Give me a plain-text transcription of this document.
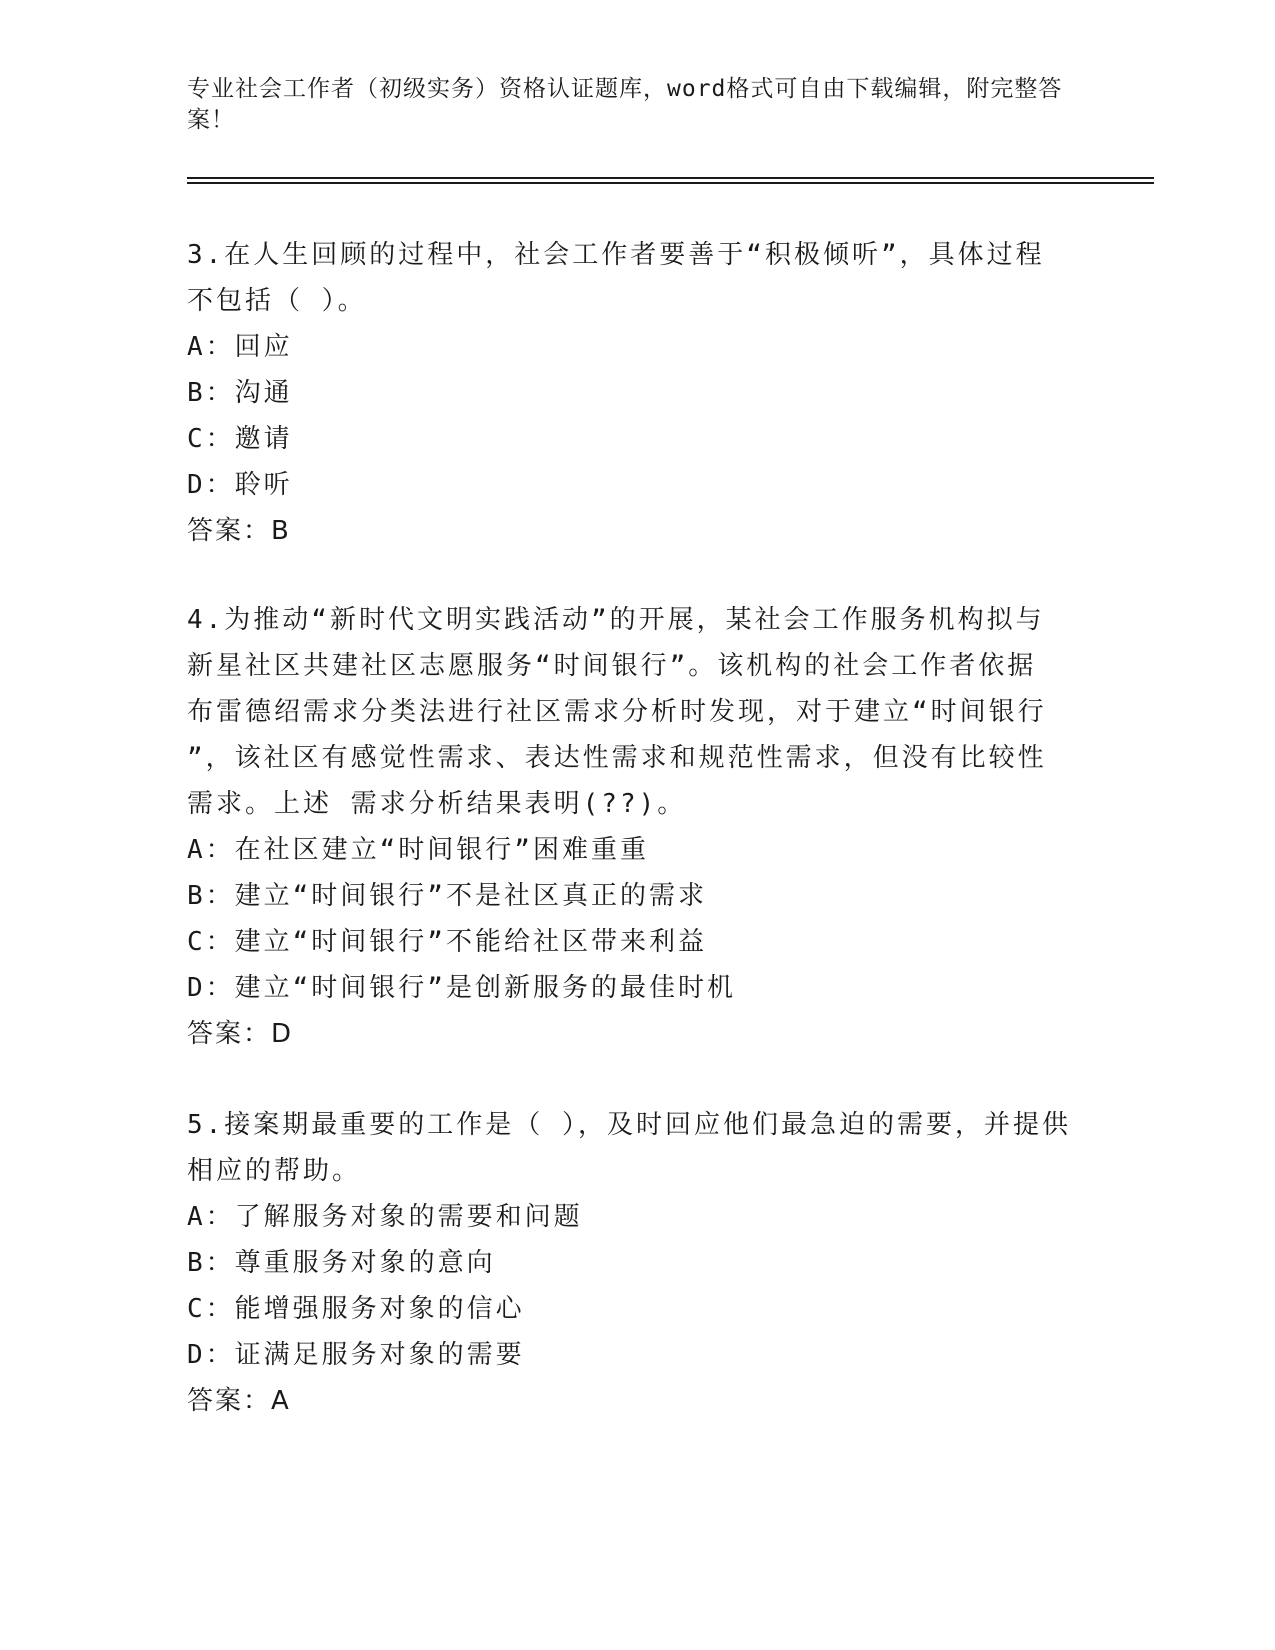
专业社会工作者（初级实务）资格认证题库，word格式可自由下载编辑，附完整答案！
3.在人生回顾的过程中，社会工作者要善于“积极倾听”，具体过程
不包括（ ）。
A：回应
B：沟通
C：邀请
D：聆听
答案：B
4.为推动“新时代文明实践活动”的开展，某社会工作服务机构拟与
新星社区共建社区志愿服务“时间银行”。该机构的社会工作者依据
布雷德绍需求分类法进行社区需求分析时发现，对于建立“时间银行
”，该社区有感觉性需求、表达性需求和规范性需求，但没有比较性
需求。上述 需求分析结果表明(??)。
A：在社区建立“时间银行”困难重重
B：建立“时间银行”不是社区真正的需求
C：建立“时间银行”不能给社区带来利益
D：建立“时间银行”是创新服务的最佳时机
答案：D
5.接案期最重要的工作是（ ），及时回应他们最急迫的需要，并提供
相应的帮助。
A：了解服务对象的需要和问题
B：尊重服务对象的意向
C：能增强服务对象的信心
D：证满足服务对象的需要
答案：A
